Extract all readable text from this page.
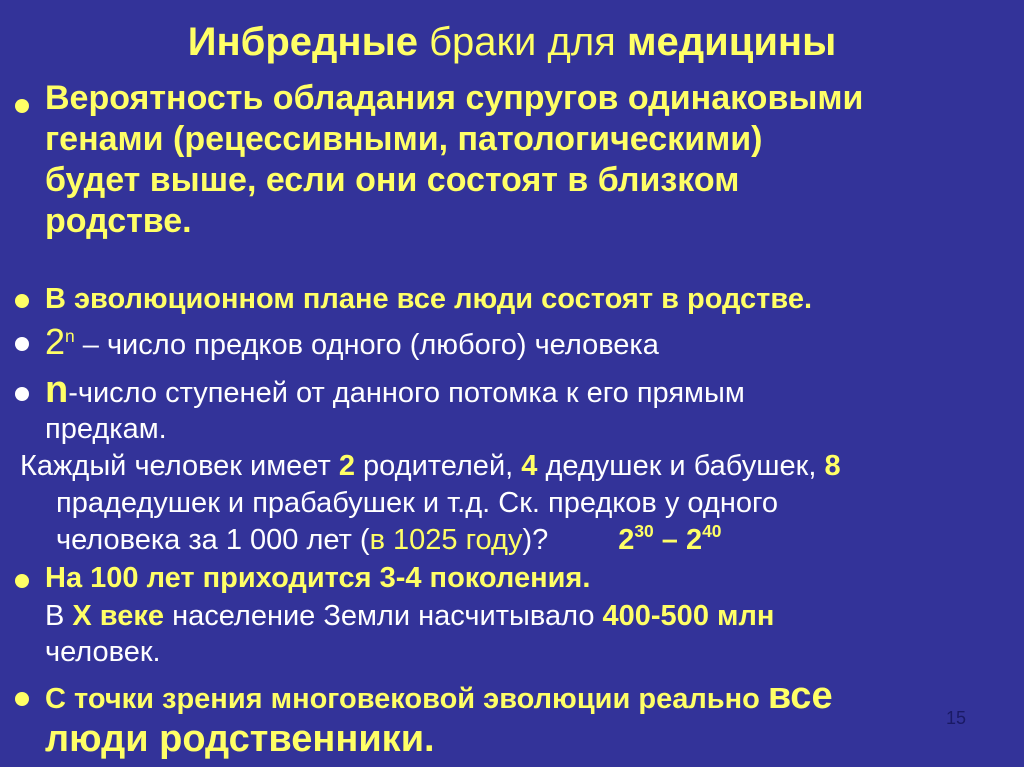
Инбредные браки для медицины
Вероятность обладания супругов одинаковыми
генами (рецессивными, патологическими)
будет выше, если они состоят в близком
родстве.
В эволюционном плане все люди состоят в родстве.
2$^n$ – число предков одного (любого) человека
n-число ступеней от данного потомка к его прямым
предкам.
Каждый человек имеет 2 родителей, 4 дедушек и бабушек, 8
прадедушек и прабабушек и т.д. Ск. предков у одного
человека за 1 000 лет (в 1025 году)? $2^{30} - 2^{40}$
На 100 лет приходится 3-4 поколения.
В X веке население Земли насчитывало 400-500 млн
человек.
С точки зрения многовековой эволюции реально все
люди родственники.	15
